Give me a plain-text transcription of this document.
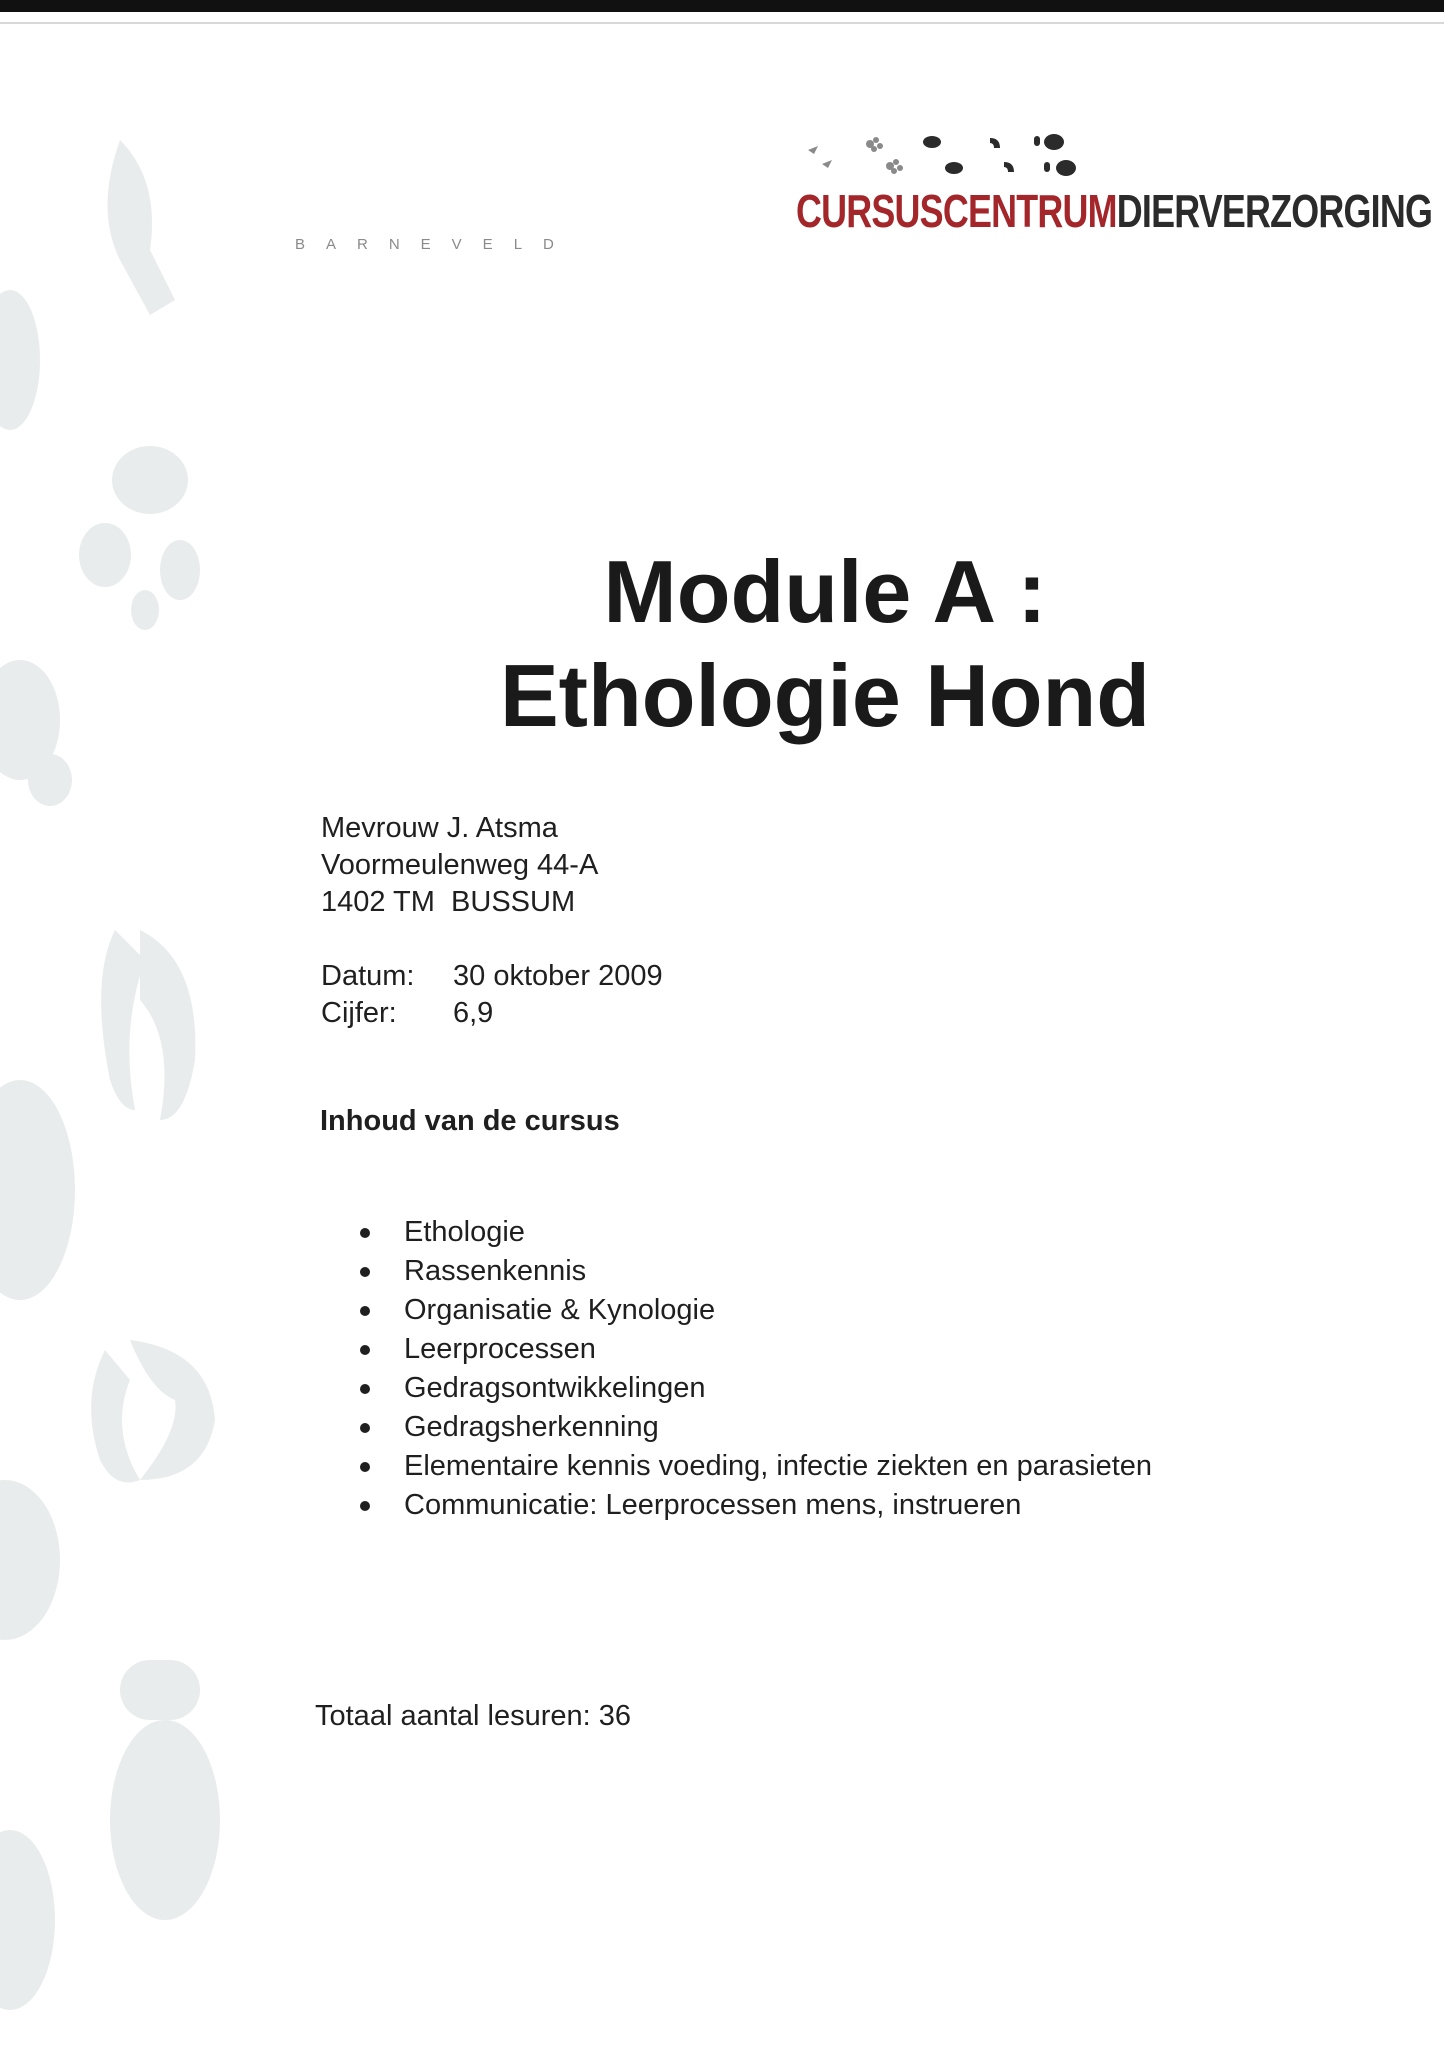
CURSUSCENTRUMDIERVERZORGING
BARNEVELD
Module A :
Ethologie Hond
Mevrouw J. Atsma
Voormeulenweg 44-A
1402 TM  BUSSUM
Datum:	30 oktober 2009
Cijfer:	6,9
Inhoud van de cursus
Ethologie
Rassenkennis
Organisatie & Kynologie
Leerprocessen
Gedragsontwikkelingen
Gedragsherkenning
Elementaire kennis voeding, infectie ziekten en parasieten
Communicatie: Leerprocessen mens, instrueren
Totaal aantal lesuren: 36
